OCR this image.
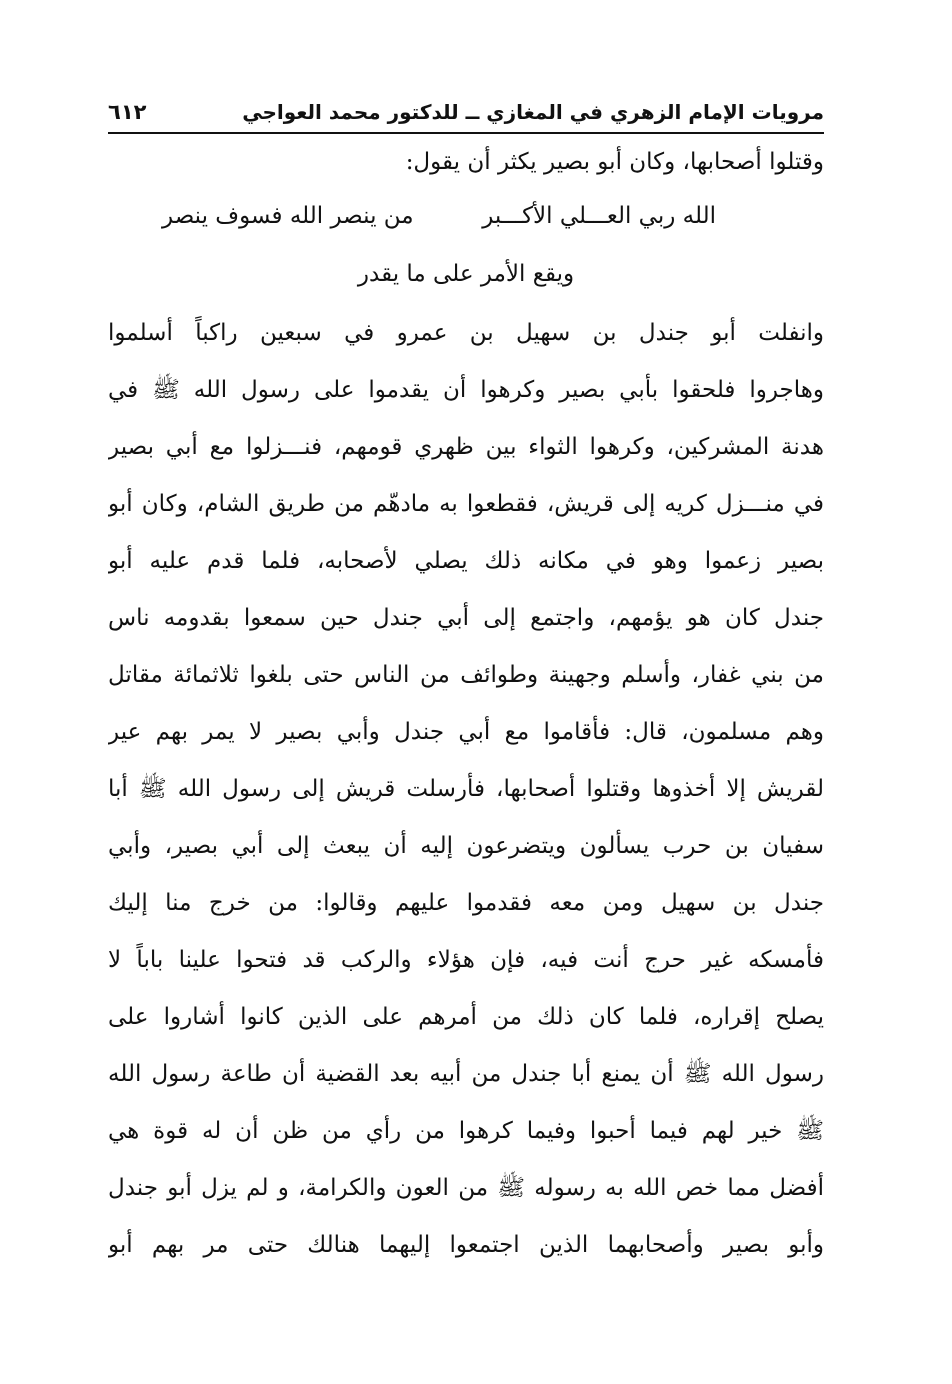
مرويات الإمام الزهري في المغازي ــ للدكتور محمد العواجي
٦١٢
وقتلوا أصحابها، وكان أبو بصير يكثر أن يقول:
الله ربي العـــلي الأكـــبر
من ينصر الله فسوف ينصر
ويقع الأمر على ما يقدر
وانفلت أبو جندل بن سهيل بن عمرو في سبعين راكباً أسلموا
وهاجروا فلحقوا بأبي بصير وكرهوا أن يقدموا على رسول الله ﷺ في
هدنة المشركين، وكرهوا الثواء بين ظهري قومهم، فنـــزلوا مع أبي بصير
في منـــزل كريه إلى قريش، فقطعوا به مادهّم من طريق الشام، وكان أبو
بصير زعموا وهو في مكانه ذلك يصلي لأصحابه، فلما قدم عليه أبو
جندل كان هو يؤمهم، واجتمع إلى أبي جندل حين سمعوا بقدومه ناس
من بني غفار، وأسلم وجهينة وطوائف من الناس حتى بلغوا ثلاثمائة مقاتل
وهم مسلمون، قال: فأقاموا مع أبي جندل وأبي بصير لا يمر بهم عير
لقريش إلا أخذوها وقتلوا أصحابها، فأرسلت قريش إلى رسول الله ﷺ أبا
سفيان بن حرب يسألون ويتضرعون إليه أن يبعث إلى أبي بصير، وأبي
جندل بن سهيل ومن معه فقدموا عليهم وقالوا: من خرج منا إليك
فأمسكه غير حرج أنت فيه، فإن هؤلاء والركب قد فتحوا علينا باباً لا
يصلح إقراره، فلما كان ذلك من أمرهم على الذين كانوا أشاروا على
رسول الله ﷺ أن يمنع أبا جندل من أبيه بعد القضية أن طاعة رسول الله
ﷺ خير لهم فيما أحبوا وفيما كرهوا من رأي من ظن أن له قوة هي
أفضل مما خص الله به رسوله ﷺ من العون والكرامة، و لم يزل أبو جندل
وأبو بصير وأصحابهما الذين اجتمعوا إليهما هنالك حتى مر بهم أبو
